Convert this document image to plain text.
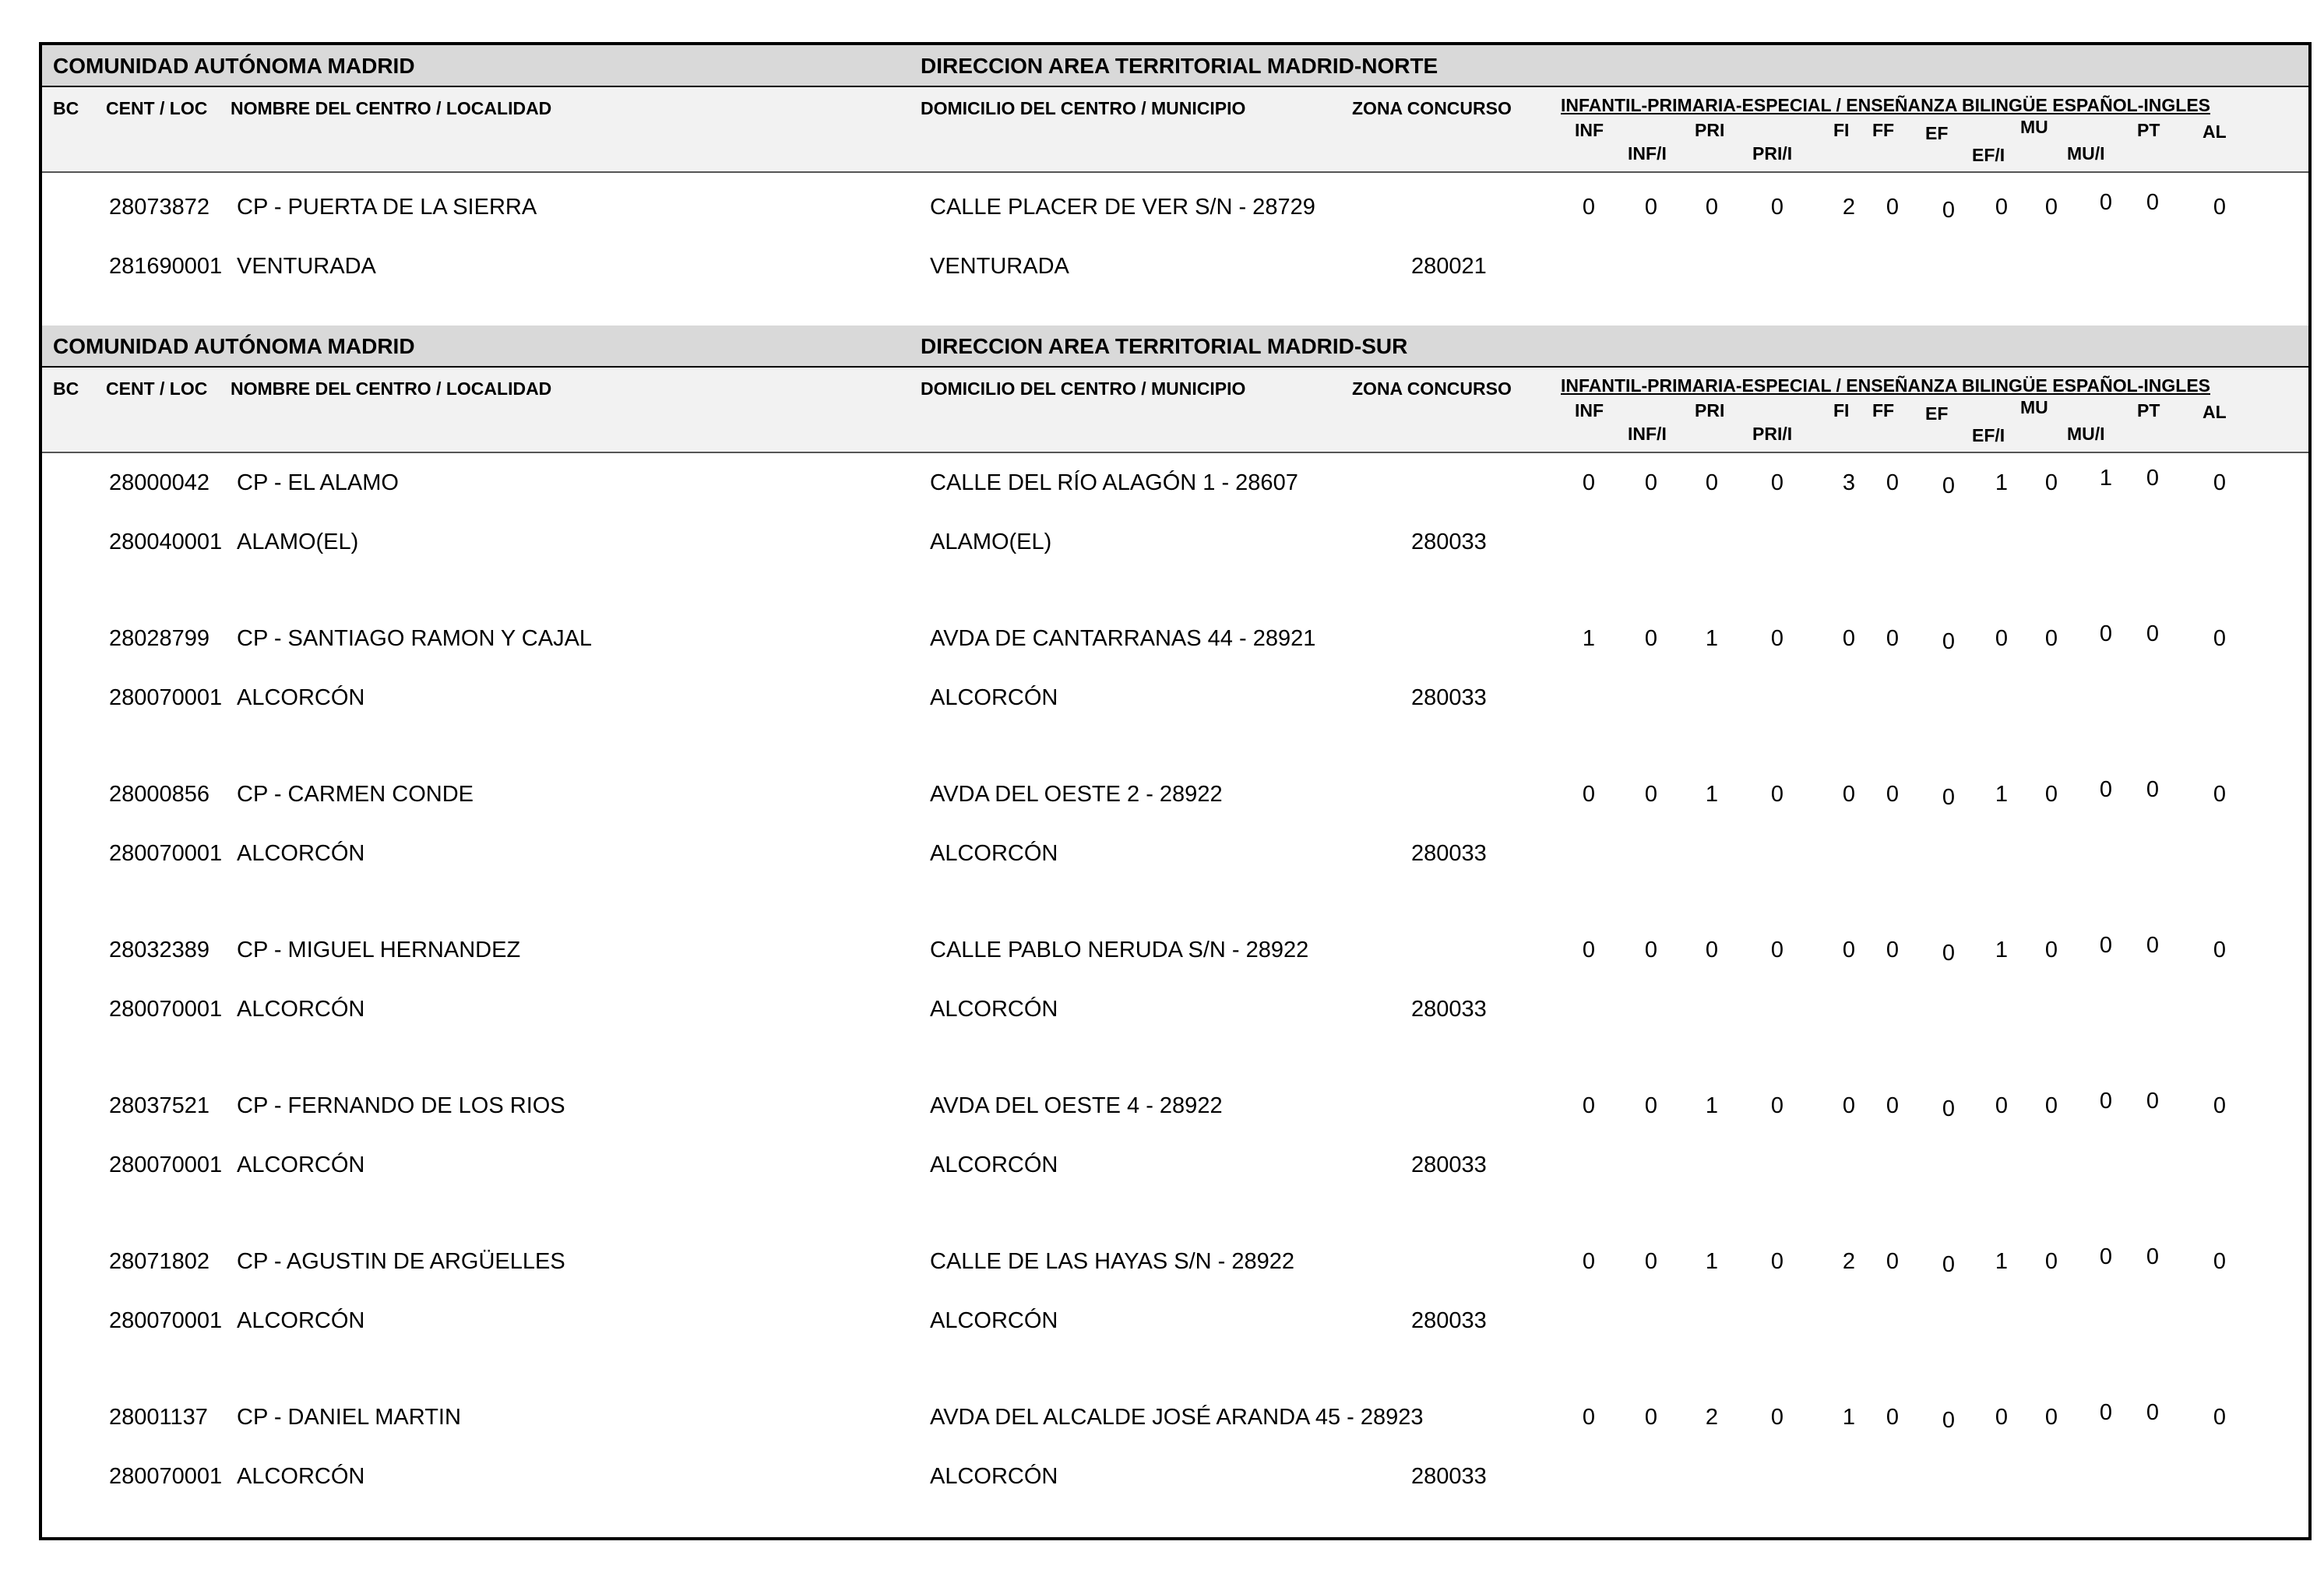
COMUNIDAD AUTÓNOMA MADRID	DIRECCION AREA TERRITORIAL MADRID-NORTE
BC CENT / LOC NOMBRE DEL CENTRO / LOCALIDAD	DOMICILIO DEL CENTRO / MUNICIPIO	ZONA CONCURSO	INFANTIL-PRIMARIA-ESPECIAL / ENSEÑANZA BILINGÜE ESPAÑOL-INGLES
INF
INF/I
PRI
PRI/I
FI FF EF
EF/I
MU
MU/I
PT AL
28073872 CP - PUERTA DE LA SIERRA	CALLE PLACER DE VER S/N - 28729	0	0	0	0	2	0	0	0	0	0	0	0
281690001 VENTURADA	VENTURADA	280021
COMUNIDAD AUTÓNOMA MADRID	DIRECCION AREA TERRITORIAL MADRID-SUR
BC CENT / LOC NOMBRE DEL CENTRO / LOCALIDAD	DOMICILIO DEL CENTRO / MUNICIPIO	ZONA CONCURSO	INFANTIL-PRIMARIA-ESPECIAL / ENSEÑANZA BILINGÜE ESPAÑOL-INGLES
INF
INF/I
PRI
PRI/I
FI FF EF
EF/I
MU
MU/I
PT AL
28000042 CP - EL ALAMO	CALLE DEL RÍO ALAGÓN 1 - 28607	0	0	0	0	3	0	0	1	0	1	0	0
280040001 ALAMO(EL)	ALAMO(EL)	280033
28028799 CP - SANTIAGO RAMON Y CAJAL	AVDA DE CANTARRANAS 44 - 28921	1	0	1	0	0	0	0	0	0	0	0	0
280070001 ALCORCÓN	ALCORCÓN	280033
28000856 CP - CARMEN CONDE	AVDA DEL OESTE 2 - 28922	0	0	1	0	0	0	0	1	0	0	0	0
280070001 ALCORCÓN	ALCORCÓN	280033
28032389 CP - MIGUEL HERNANDEZ	CALLE PABLO NERUDA S/N - 28922	0	0	0	0	0	0	0	1	0	0	0	0
280070001 ALCORCÓN	ALCORCÓN	280033
28037521 CP - FERNANDO DE LOS RIOS	AVDA DEL OESTE 4 - 28922	0	0	1	0	0	0	0	0	0	0	0	0
280070001 ALCORCÓN	ALCORCÓN	280033
28071802 CP - AGUSTIN DE ARGÜELLES	CALLE DE LAS HAYAS S/N - 28922	0	0	1	0	2	0	0	1	0	0	0	0
280070001 ALCORCÓN	ALCORCÓN	280033
28001137 CP - DANIEL MARTIN	AVDA DEL ALCALDE JOSÉ ARANDA 45 - 28923	0	0	2	0	1	0	0	0	0	0	0	0
280070001 ALCORCÓN	ALCORCÓN	280033
